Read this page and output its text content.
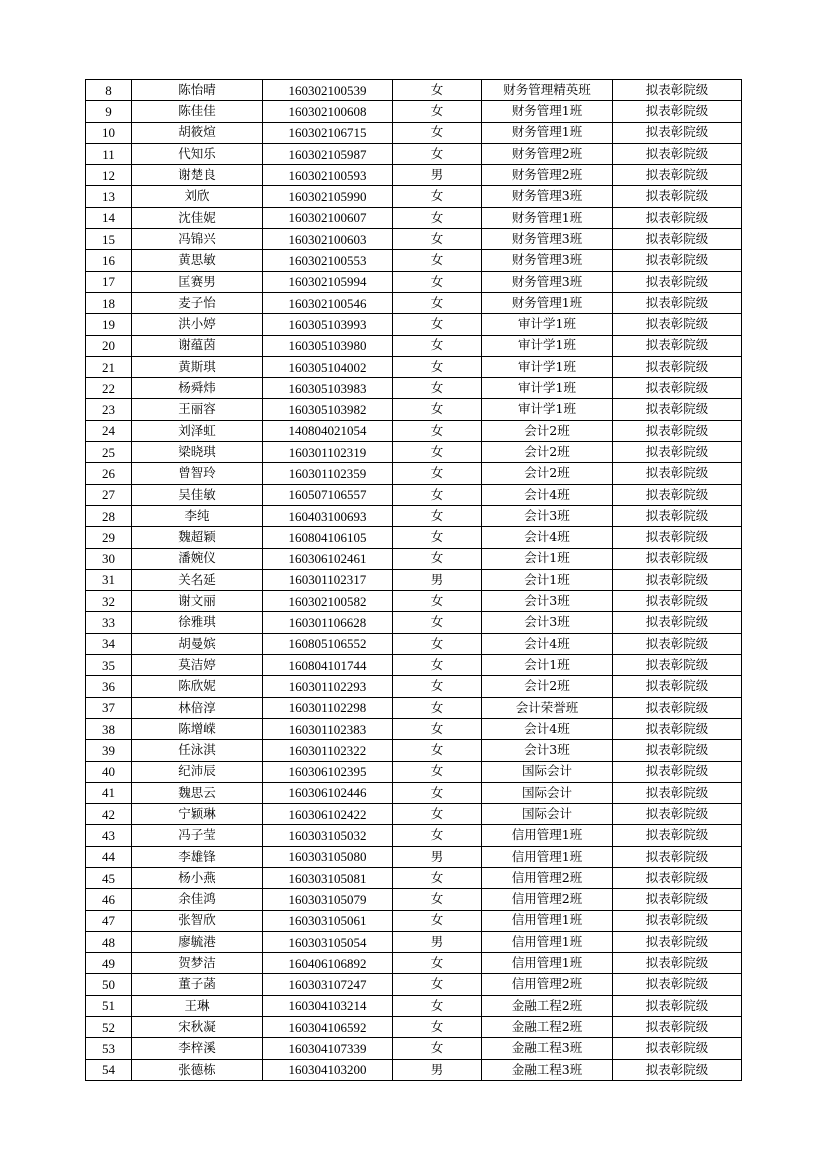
8	陈怡晴	160302100539	女	财务管理精英班	拟表彰院级
9	陈佳佳	160302100608	女	财务管理1班	拟表彰院级
10	胡筱煊	160302106715	女	财务管理1班	拟表彰院级
11	代知乐	160302105987	女	财务管理2班	拟表彰院级
12	谢楚良	160302100593	男	财务管理2班	拟表彰院级
13	刘欣	160302105990	女	财务管理3班	拟表彰院级
14	沈佳妮	160302100607	女	财务管理1班	拟表彰院级
15	冯锦兴	160302100603	女	财务管理3班	拟表彰院级
16	黄思敏	160302100553	女	财务管理3班	拟表彰院级
17	匡赛男	160302105994	女	财务管理3班	拟表彰院级
18	麦子怡	160302100546	女	财务管理1班	拟表彰院级
19	洪小婷	160305103993	女	审计学1班	拟表彰院级
20	谢蕴茵	160305103980	女	审计学1班	拟表彰院级
21	黄斯琪	160305104002	女	审计学1班	拟表彰院级
22	杨舜炜	160305103983	女	审计学1班	拟表彰院级
23	王丽容	160305103982	女	审计学1班	拟表彰院级
24	刘泽虹	140804021054	女	会计2班	拟表彰院级
25	梁晓琪	160301102319	女	会计2班	拟表彰院级
26	曾智玲	160301102359	女	会计2班	拟表彰院级
27	吴佳敏	160507106557	女	会计4班	拟表彰院级
28	李纯	160403100693	女	会计3班	拟表彰院级
29	魏超颖	160804106105	女	会计4班	拟表彰院级
30	潘婉仪	160306102461	女	会计1班	拟表彰院级
31	关名延	160301102317	男	会计1班	拟表彰院级
32	谢文丽	160302100582	女	会计3班	拟表彰院级
33	徐雅琪	160301106628	女	会计3班	拟表彰院级
34	胡曼嫔	160805106552	女	会计4班	拟表彰院级
35	莫洁婷	160804101744	女	会计1班	拟表彰院级
36	陈欣妮	160301102293	女	会计2班	拟表彰院级
37	林倍淳	160301102298	女	会计荣誉班	拟表彰院级
38	陈增嵘	160301102383	女	会计4班	拟表彰院级
39	任泳淇	160301102322	女	会计3班	拟表彰院级
40	纪沛辰	160306102395	女	国际会计	拟表彰院级
41	魏思云	160306102446	女	国际会计	拟表彰院级
42	宁颖琳	160306102422	女	国际会计	拟表彰院级
43	冯子莹	160303105032	女	信用管理1班	拟表彰院级
44	李雄锋	160303105080	男	信用管理1班	拟表彰院级
45	杨小燕	160303105081	女	信用管理2班	拟表彰院级
46	余佳鸿	160303105079	女	信用管理2班	拟表彰院级
47	张智欣	160303105061	女	信用管理1班	拟表彰院级
48	廖毓港	160303105054	男	信用管理1班	拟表彰院级
49	贺梦洁	160406106892	女	信用管理1班	拟表彰院级
50	董子菡	160303107247	女	信用管理2班	拟表彰院级
51	王琳	160304103214	女	金融工程2班	拟表彰院级
52	宋秋凝	160304106592	女	金融工程2班	拟表彰院级
53	李梓溪	160304107339	女	金融工程3班	拟表彰院级
54	张德栋	160304103200	男	金融工程3班	拟表彰院级
